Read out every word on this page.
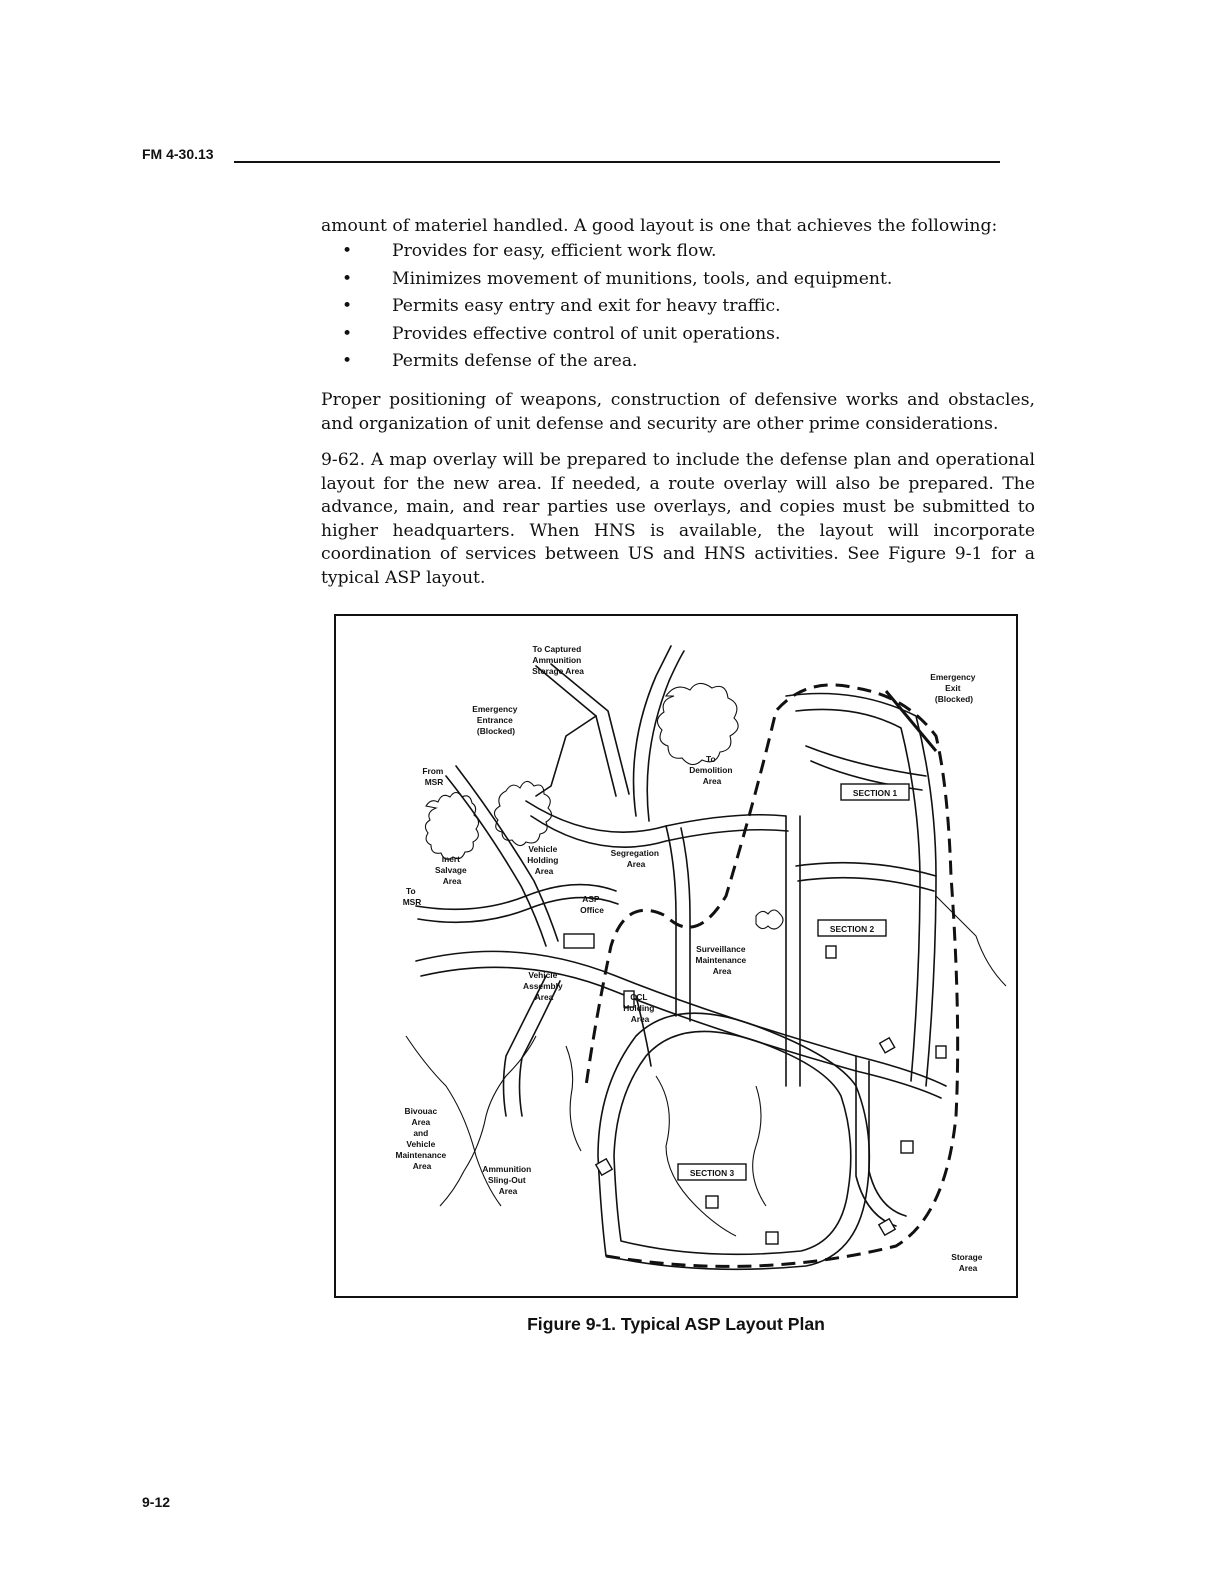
FM 4-30.13
amount of materiel handled. A good layout is one that achieves the following:
• Provides for easy, efficient work flow.
• Minimizes movement of munitions, tools, and equipment.
• Permits easy entry and exit for heavy traffic.
• Provides effective control of unit operations.
• Permits defense of the area.
Proper positioning of weapons, construction of defensive works and obstacles, and organization of unit defense and security are other prime considerations.
9-62. A map overlay will be prepared to include the defense plan and operational layout for the new area. If needed, a route overlay will also be prepared. The advance, main, and rear parties use overlays, and copies must be submitted to higher headquarters. When HNS is available, the layout will incorporate coordination of services between US and HNS activities. See Figure 9-1 for a typical ASP layout.
SECTION 1
SECTION 2
SECTION 3
To Captured Ammunition Storage Area
Emergency Entrance (Blocked)
Emergency Exit (Blocked)
From MSR
To MSR
Inert Salvage Area
Vehicle Holding Area
Segregation Area
To Demolition Area
ASP Office
Surveillance Maintenance Area
Vehicle Assembly Area	CCL Holding Area
Bivouac Area and Vehicle Maintenance Area	Ammunition Sling-Out Area
Storage Area
Figure 9-1. Typical ASP Layout Plan
9-12
